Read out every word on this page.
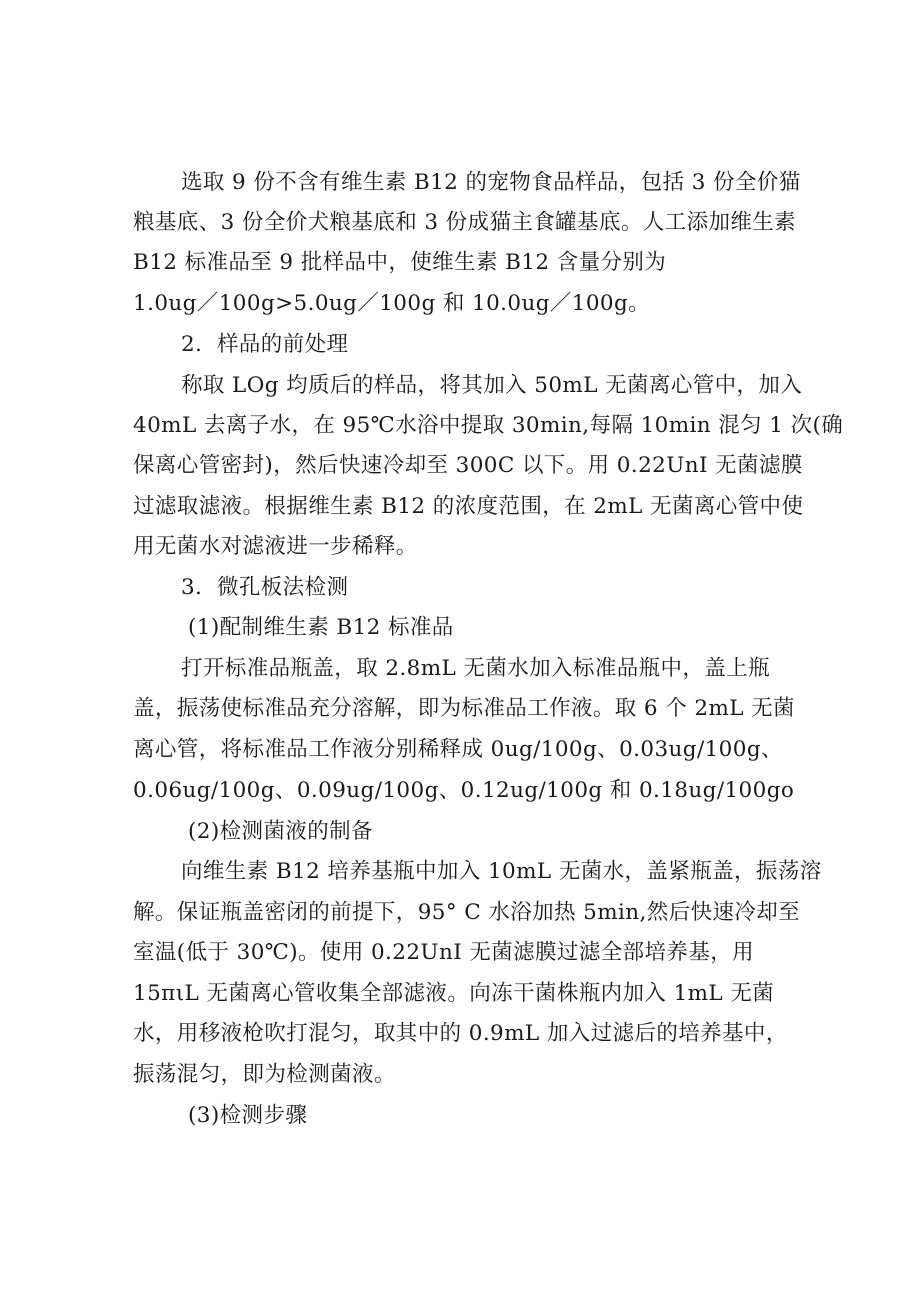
选取 9 份不含有维生素 B12 的宠物食品样品，包括 3 份全价猫
粮基底、3 份全价犬粮基底和 3 份成猫主食罐基底。人工添加维生素
B12 标准品至 9 批样品中，使维生素 B12 含量分别为
1.0ug／100g>5.0ug／100g 和 10.0ug／100g。
2．样品的前处理
称取 LOg 均质后的样品，将其加入 50mL 无菌离心管中，加入
40mL 去离子水，在 95℃水浴中提取 30min,每隔 10min 混匀 1 次(确
保离心管密封)，然后快速冷却至 300C 以下。用 0.22UnI 无菌滤膜
过滤取滤液。根据维生素 B12 的浓度范围，在 2mL 无菌离心管中使
用无菌水对滤液进一步稀释。
3．微孔板法检测
(1)配制维生素 B12 标准品
打开标准品瓶盖，取 2.8mL 无菌水加入标准品瓶中，盖上瓶
盖，振荡使标准品充分溶解，即为标准品工作液。取 6 个 2mL 无菌
离心管，将标准品工作液分别稀释成 0ug/100g、0.03ug/100g、
0.06ug/100g、0.09ug/100g、0.12ug/100g 和 0.18ug/100go
(2)检测菌液的制备
向维生素 B12 培养基瓶中加入 10mL 无菌水，盖紧瓶盖，振荡溶
解。保证瓶盖密闭的前提下，95° C 水浴加热 5min,然后快速冷却至
室温(低于 30℃)。使用 0.22UnI 无菌滤膜过滤全部培养基，用
15πιL 无菌离心管收集全部滤液。向冻干菌株瓶内加入 1mL 无菌
水，用移液枪吹打混匀，取其中的 0.9mL 加入过滤后的培养基中，
振荡混匀，即为检测菌液。
(3)检测步骤
